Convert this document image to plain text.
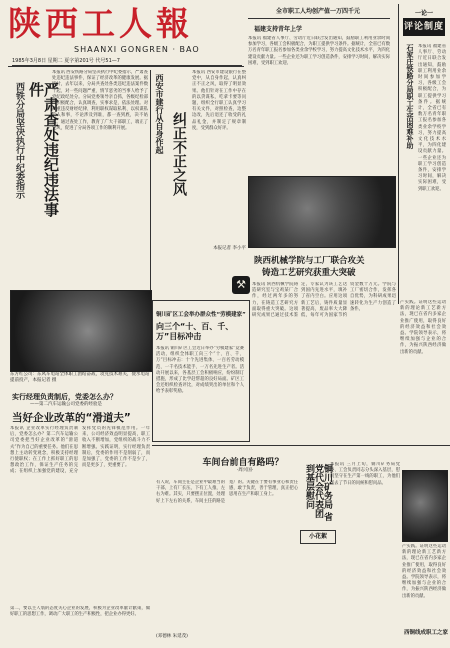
陕西工人報
SHAANXI GONGREN · BAO
1985年3月8日 星期二 夏字第201号 代号51—7
全市职工人均创产值一万四千元
福建支持青年上学
本报讯 福建省人事厅、劳动厅近日联合发出通知，鼓励职工利用业余时间参加学习，各级工会积极配合，为职工提供学习条件。据统计，全省已有数万名青年职工报名参加各类业余学校学习，努力提高文化技术水平，为四化建设贡献力量。一些企业还为职工学习创造条件，安排学习时间，解决实际困难，受到职工欢迎。
一论一
评论制度
石家庄铁路分局职工生活困难补助 本报讯 福建省人事厅、劳动厅近日联合发出通知，鼓励职工利用业余时间参加学习，各级工会积极配合，为职工提供学习条件。据统计，全省已有数万名青年职工报名参加各类业余学校学习，努力提高文化技术水平，为四化建设贡献力量。一些企业还为职工学习创造条件，安排学习时间，解决实际困难，受到职工欢迎。
西铁分局坚决执行中纪委指示	严肃查处违纪违法事件
本报讯 西安铁路分局坚决执行中纪委指示，严肃查处违纪违法事件，保证了经济改革的健康发展。据统计，去年以来，分局共查处各类违纪违法案件数十起，对一些问题严重、情节恶劣的当事人给予了党纪政纪处分。分局党委领导亲自抓，各级纪检部门积极配合，认真调查，实事求是，依法处理。对严重违反财经纪律、利用职权谋取私利、以权谋私的人和事，不论涉及到谁，都一查到底，决不姑息。通过查处工作，教育了广大干部职工，端正了党风，促进了分局各项工作的顺利开展。	西安市建行从自身作起 纠正不正之风
本报讯 西安市建设银行在整党中，从自身作起，认真纠正不正之风，取得了明显效果。他们针对在工作中存在的以贷谋私、吃拿卡要等问题，组织全行职工认真学习有关文件，对照检查，边整边改，先后退还了收受的礼品礼金，并制定了规章制度，受到群众好评。
本报记者 李小平
东方红公司：东风车电站全体职工团结奋战，攻克技术难关，使水电站提前投产，本报记者 摄
⚒
实行经理负责制后，党委怎么办？
——第二汽车运输公司党委的经验是
当好企业改革的“滑道夫”
本报讯 企业改革实行经理负责制后，党委怎么办？第二汽车运输公司党委把当好企业改革的“滑道夫”作为自己的重要任务。他们在思想上主动转变观念，积极支持经理行使职权；在工作上抓好职工的思想政治工作，保证生产任务的完成；在组织上加强党的建设，充分发挥党员的先锋模范作用。一年来，公司经济效益明显提高，职工收入不断增加，党组织的战斗力不断增强。实践证明，实行经理负责制后，党委的作用不是削弱了，而是加强了，党委的工作不是少了，而是更多了，更重要了。
第二，要以主人翁的态度关心企业的发展，积极为企业改革献计献策，做好职工的思想工作，调动广大职工的生产积极性，把企业办得更好。
铜川矿区工会举办群众性“劳模建家”
向三个“十、百、千、万”目标冲击
本报讯 铜川矿区工会近日举办“劳模建家”竞赛活动，组织全体职工向三个“十、百、千、万”目标冲击：十个先进集体、一百名劳动模范、一千名技术能手、一万名先进生产者。活动开展以来，各基层工会积极响应，纷纷制订措施，形成了比学赶帮超的良好局面。矿区工会还组织检查评比，对成绩突出的单位和个人给予表彰奖励。
陕西机械学院与工厂联合攻关
铸造工艺研究获重大突破
本报讯 陕西机械学院铸造研究室与宝鸡某厂合作，经过两年多的努力，在铸造工艺研究方面取得重大突破。这项研究成果已通过技术鉴定，专家认为该工艺达到国内先进水平，填补了省内空白。应用这项新工艺后，铸件质量显著提高，废品率大大降低，每年可为国家节约资金数十万元。学院与工厂密切合作，发挥各自优势，为科研成果迅速转化为生产力创造了条件。
产实践。证明这些运动新的理论新工艺新方法，现已在省内多家企业推广使用，取得良好的经济效益和社会效益。学院领导表示，将继续加强与企业的合作，为振兴陕西经济做出新的贡献。
车间台前自有路吗？
·周兴国·
有人说，车间主任是企业中最难当的干部，上有厂长压，下有工人推，左右为难。其实，只要摆正位置，处理好上下左右的关系，车间主任的路是宽广的。关键在于要有事业心和责任感，敢于负责，善于管理，真正把心思用在生产和职工身上。
(邓德林 朱延茂)
小花絮
铜川矿务局 省党代会代表团到基层慰问	本报讯 三月上旬，铜川矿务局党委、工会负责同志分头深入基层，慰问坚守在生产第一线的职工，为他们送去了节日的问候和慰问品。
产实践。证明这些运动新的理论新工艺新方法，现已在省内多家企业推广使用，取得良好的经济效益和社会效益。学院领导表示，将继续加强与企业的合作，为振兴陕西经济做出新的贡献。
西铜线成职工之家
